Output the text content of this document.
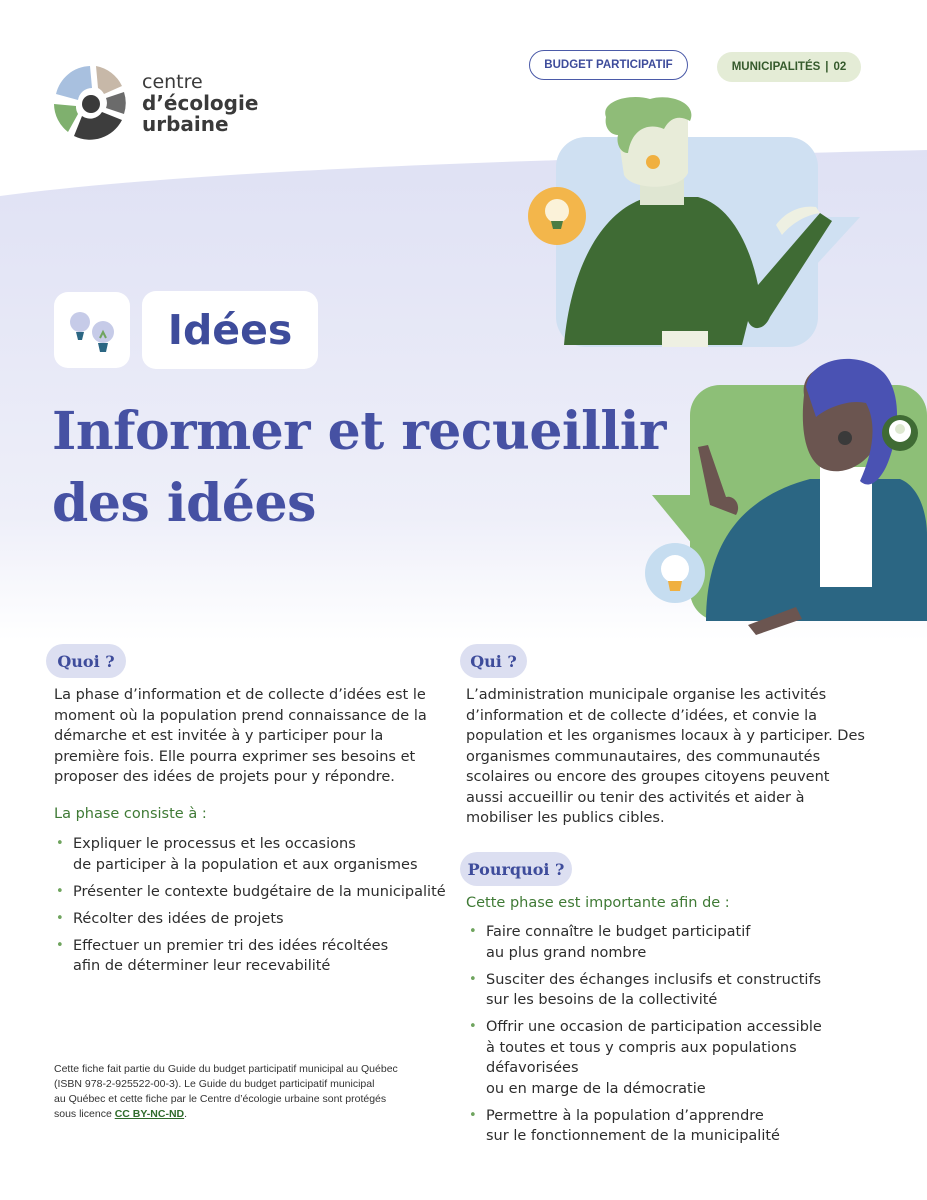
centre
d’écologie
urbaine
BUDGET PARTICIPATIF	MUNICIPALITÉS | 02
Idées
Informer et recueillir
des idées
Quoi ?

La phase d’information et de collecte d’idées est le moment où la population prend connaissance de la démarche et est invitée à y participer pour la première fois. Elle pourra exprimer ses besoins et proposer des idées de projets pour y répondre.

La phase consiste à :
• Expliquer le processus et les occasions
de participer à la population et aux organismes
• Présenter le contexte budgétaire de la municipalité
• Récolter des idées de projets
• Effectuer un premier tri des idées récoltées
afin de déterminer leur recevabilité
Qui ?

L’administration municipale organise les activités d’information et de collecte d’idées, et convie la population et les organismes locaux à y participer. Des organismes communautaires, des communautés scolaires ou encore des groupes citoyens peuvent aussi accueillir ou tenir des activités et aider à mobiliser les publics cibles.

Pourquoi ?
Cette phase est importante afin de :
• Faire connaître le budget participatif
au plus grand nombre
• Susciter des échanges inclusifs et constructifs
sur les besoins de la collectivité
• Offrir une occasion de participation accessible
à toutes et tous y compris aux populations défavorisées
ou en marge de la démocratie
• Permettre à la population d’apprendre
sur le fonctionnement de la municipalité
Cette fiche fait partie du Guide du budget participatif municipal au Québec
(ISBN 978-2-925522-00-3). Le Guide du budget participatif municipal
au Québec et cette fiche par le Centre d’écologie urbaine sont protégés
sous licence CC BY-NC-ND.
